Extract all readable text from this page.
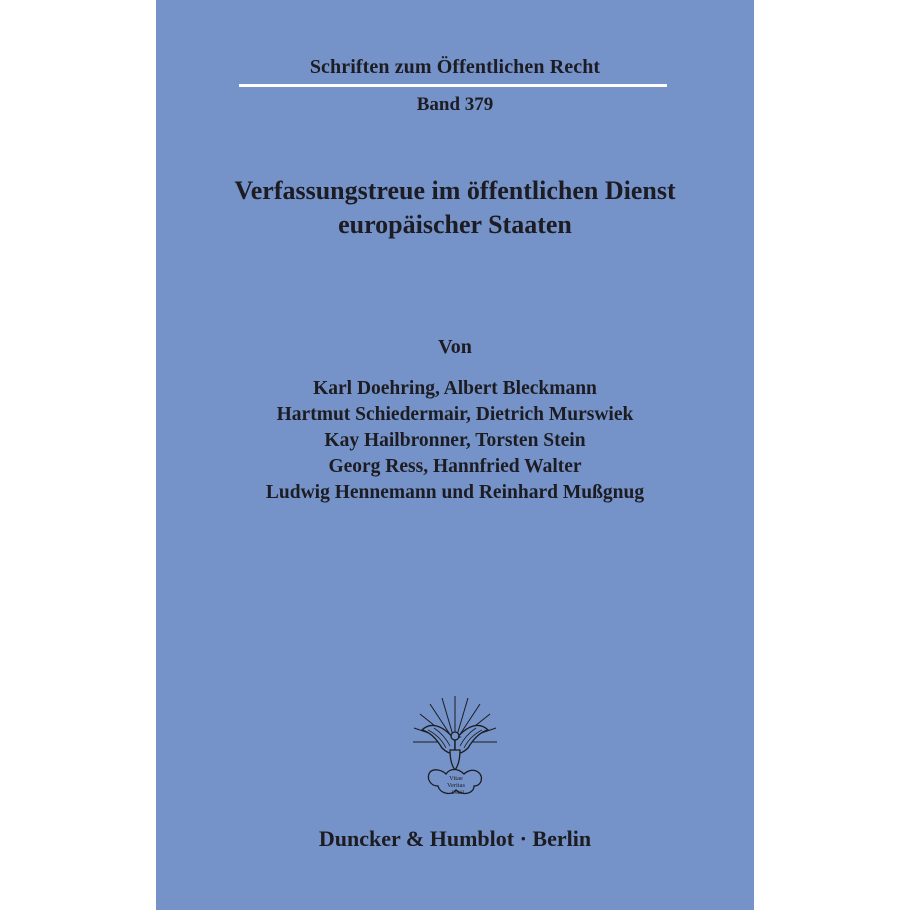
Schriften zum Öffentlichen Recht
Band 379
Verfassungstreue im öffentlichen Dienst
europäischer Staaten
Von
Karl Doehring, Albert Bleckmann
Hartmut Schiedermair, Dietrich Murswiek
Kay Hailbronner, Torsten Stein
Georg Ress, Hannfried Walter
Ludwig Hennemann und Reinhard Mußgnug
Vitae
Veritas
D&H
Duncker & Humblot · Berlin
